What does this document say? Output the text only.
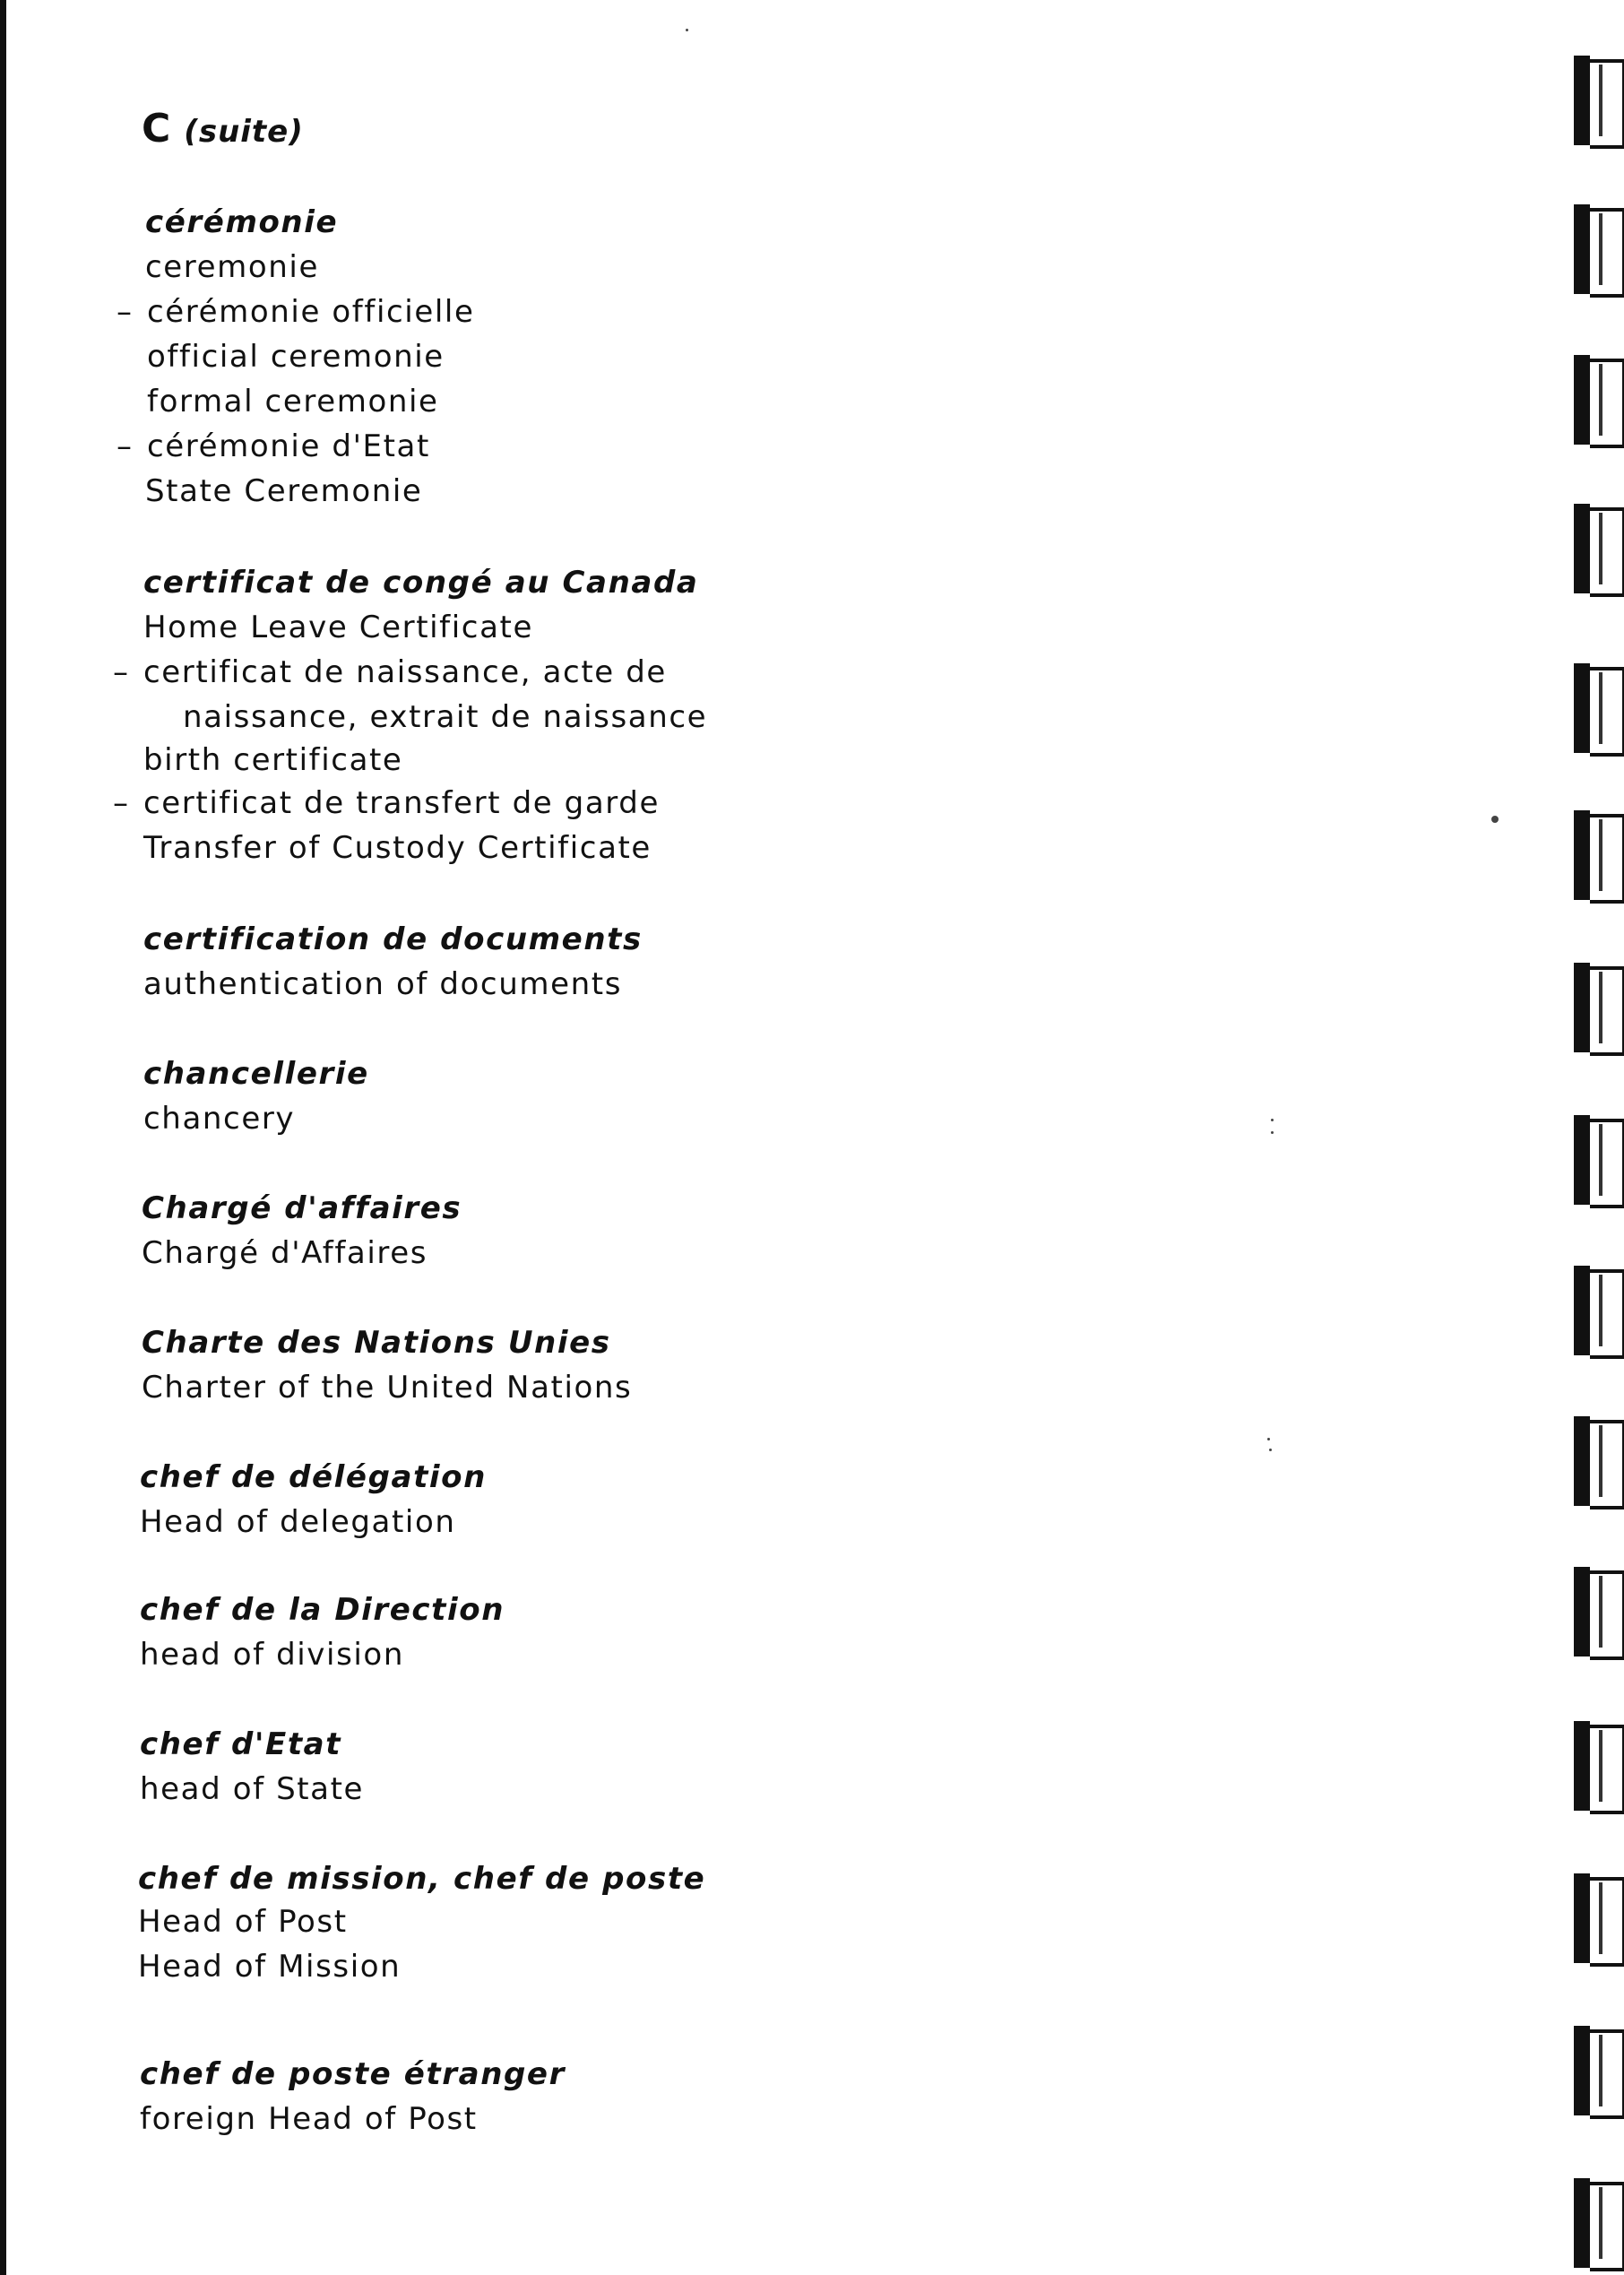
C (suite)
cérémonie
ceremonie
– cérémonie officielle
official ceremonie
formal ceremonie
– cérémonie d'Etat
State Ceremonie
certificat de congé au Canada
Home Leave Certificate
– certificat de naissance, acte de
naissance, extrait de naissance
birth certificate
– certificat de transfert de garde
Transfer of Custody Certificate
certification de documents
authentication of documents
chancellerie
chancery
Chargé d'affaires
Chargé d'Affaires
Charte des Nations Unies
Charter of the United Nations
chef de délégation
Head of delegation
chef de la Direction
head of division
chef d'Etat
head of State
chef de mission, chef de poste
Head of Post
Head of Mission
chef de poste étranger
foreign Head of Post
